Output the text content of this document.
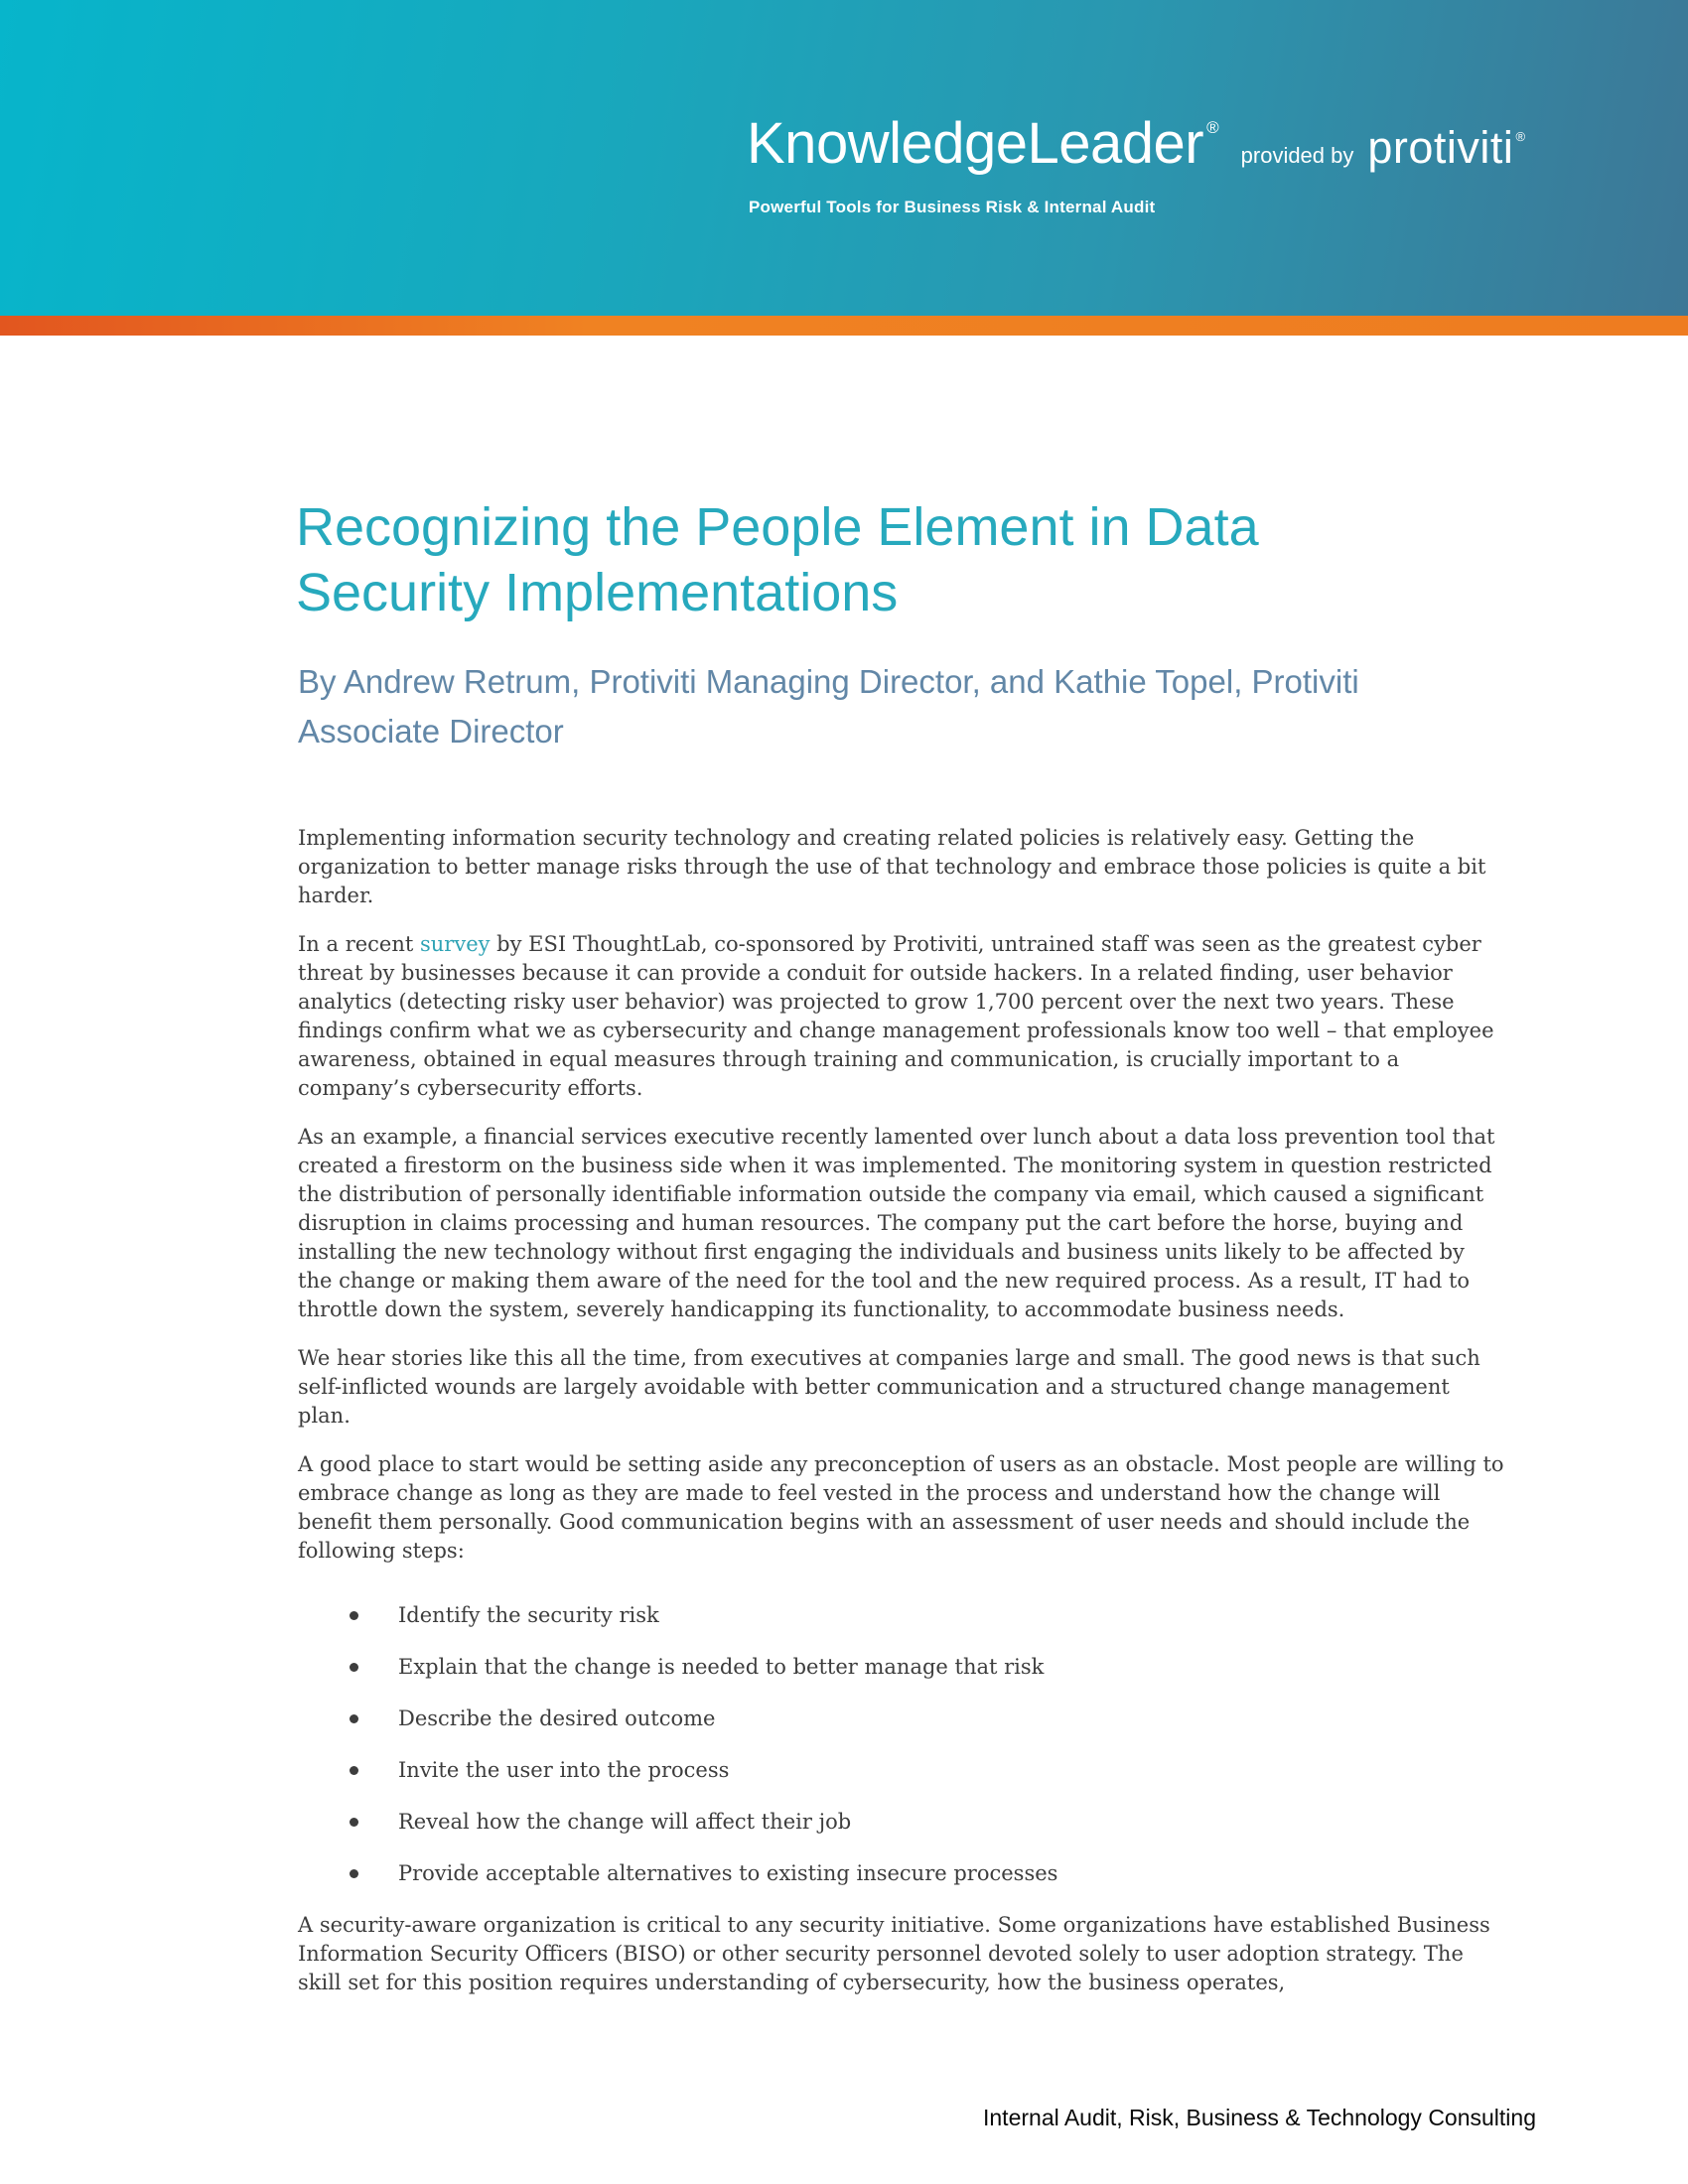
KnowledgeLeader ®
provided by protiviti ®
Powerful Tools for Business Risk & Internal Audit
Recognizing the People Element in Data
Security Implementations
By Andrew Retrum, Protiviti Managing Director, and Kathie Topel, Protiviti
Associate Director

Implementing information security technology and creating related policies is relatively easy. Getting the organization to better manage risks through the use of that technology and embrace those policies is quite a bit harder.

In a recent survey by ESI ThoughtLab, co-sponsored by Protiviti, untrained staff was seen as the greatest cyber threat by businesses because it can provide a conduit for outside hackers. In a related finding, user behavior analytics (detecting risky user behavior) was projected to grow 1,700 percent over the next two years. These findings confirm what we as cybersecurity and change management professionals know too well – that employee awareness, obtained in equal measures through training and communication, is crucially important to a company’s cybersecurity efforts.

As an example, a financial services executive recently lamented over lunch about a data loss prevention tool that created a firestorm on the business side when it was implemented. The monitoring system in question restricted the distribution of personally identifiable information outside the company via email, which caused a significant disruption in claims processing and human resources. The company put the cart before the horse, buying and installing the new technology without first engaging the individuals and business units likely to be affected by the change or making them aware of the need for the tool and the new required process. As a result, IT had to throttle down the system, severely handicapping its functionality, to accommodate business needs.

We hear stories like this all the time, from executives at companies large and small. The good news is that such self-inflicted wounds are largely avoidable with better communication and a structured change management plan.

A good place to start would be setting aside any preconception of users as an obstacle. Most people are willing to embrace change as long as they are made to feel vested in the process and understand how the change will benefit them personally. Good communication begins with an assessment of user needs and should include the following steps:

Identify the security risk
Explain that the change is needed to better manage that risk
Describe the desired outcome
Invite the user into the process
Reveal how the change will affect their job
Provide acceptable alternatives to existing insecure processes

A security-aware organization is critical to any security initiative. Some organizations have established Business Information Security Officers (BISO) or other security personnel devoted solely to user adoption strategy. The skill set for this position requires understanding of cybersecurity, how the business operates,

Internal Audit, Risk, Business & Technology Consulting
